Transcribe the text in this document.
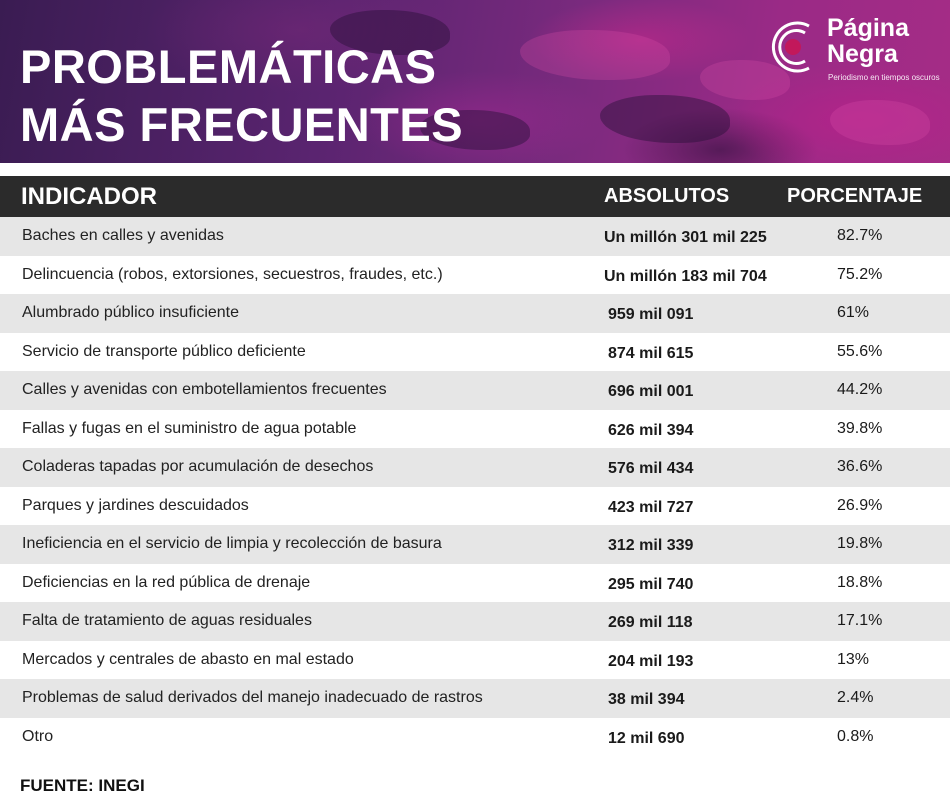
PROBLEMÁTICAS
MÁS FRECUENTES
Página
Negra
Periodismo en tiempos oscuros
INDICADOR	ABSOLUTOS	PORCENTAJE
Baches en calles y avenidas	Un millón 301 mil 225	82.7%
Delincuencia (robos, extorsiones, secuestros, fraudes, etc.)	Un millón 183 mil 704	75.2%
Alumbrado público insuficiente	959 mil 091	61%
Servicio de transporte público deficiente	874 mil 615	55.6%
Calles y avenidas con embotellamientos frecuentes	696 mil 001	44.2%
Fallas y fugas en el suministro de agua potable	626 mil 394	39.8%
Coladeras tapadas por acumulación de desechos	576 mil 434	36.6%
Parques y jardines descuidados	423 mil 727	26.9%
Ineficiencia en el servicio de limpia y recolección de basura	312 mil 339	19.8%
Deficiencias en la red pública de drenaje	295 mil 740	18.8%
Falta de tratamiento de aguas residuales	269 mil 118	17.1%
Mercados y centrales de abasto en mal estado	204 mil 193	13%
Problemas de salud derivados del manejo inadecuado de rastros	38 mil 394	2.4%
Otro	12 mil 690	0.8%
FUENTE: INEGI
